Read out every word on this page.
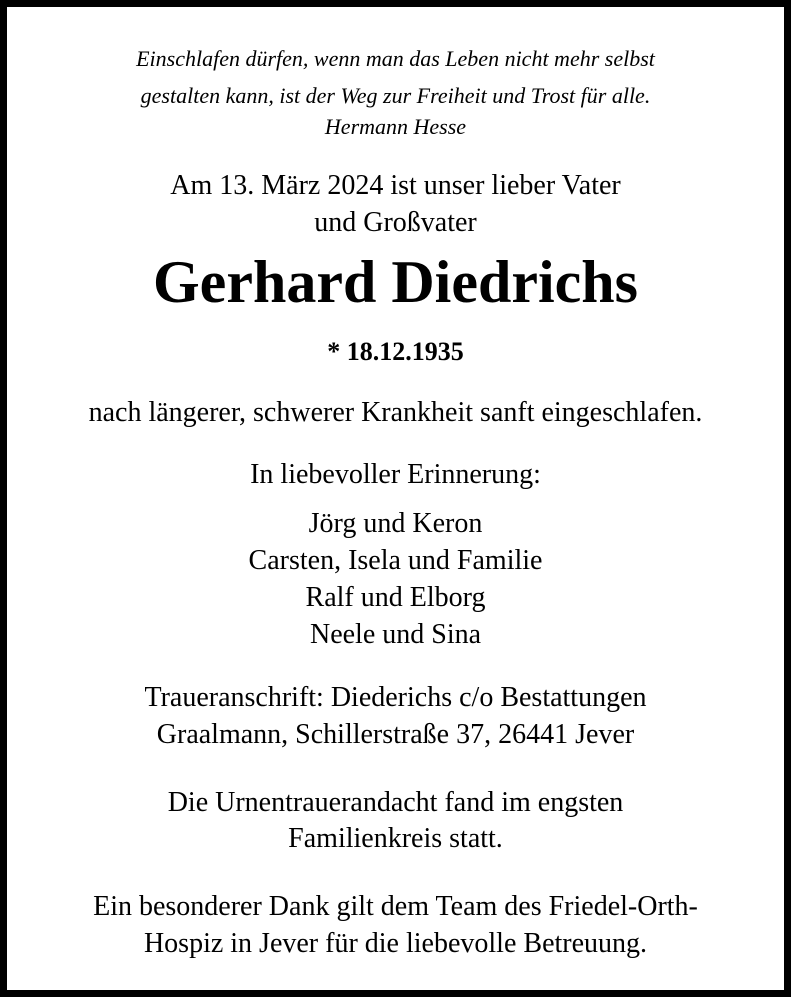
Einschlafen dürfen, wenn man das Leben nicht mehr selbst
gestalten kann, ist der Weg zur Freiheit und Trost für alle.
Hermann Hesse
Am 13. März 2024 ist unser lieber Vater
und Großvater
Gerhard Diedrichs
* 18.12.1935
nach längerer, schwerer Krankheit sanft eingeschlafen.
In liebevoller Erinnerung:
Jörg und Keron
Carsten, Isela und Familie
Ralf und Elborg
Neele und Sina
Traueranschrift: Diederichs c/o Bestattungen
Graalmann, Schillerstraße 37, 26441 Jever
Die Urnentrauerandacht fand im engsten
Familienkreis statt.
Ein besonderer Dank gilt dem Team des Friedel-Orth-
Hospiz in Jever für die liebevolle Betreuung.
